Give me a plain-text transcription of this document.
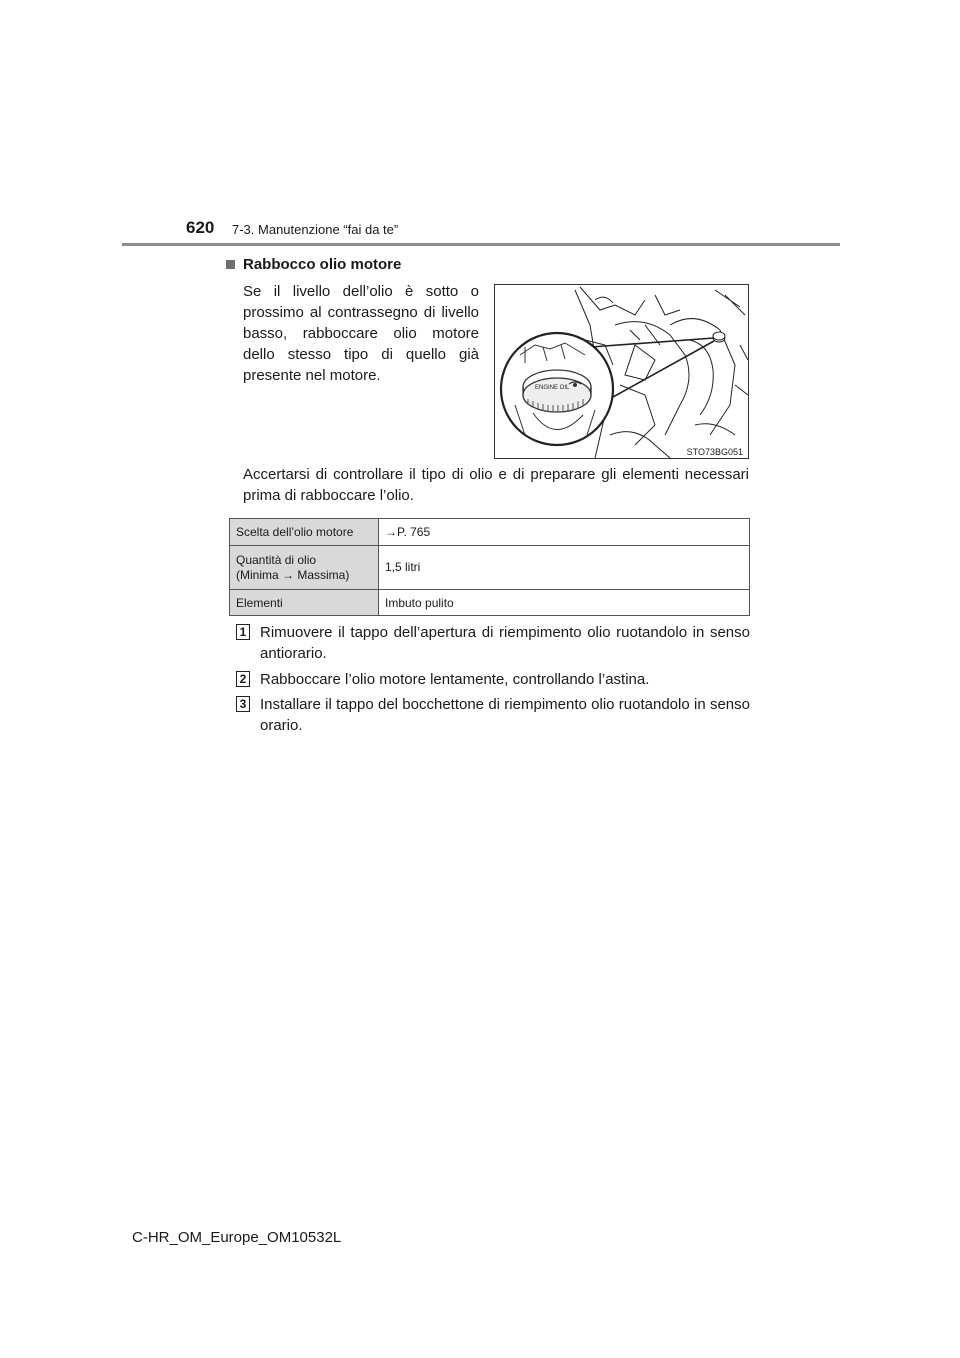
620 7-3. Manutenzione “fai da te”
Rabbocco olio motore
Se il livello dell’olio è sotto o prossimo al contrassegno di livello basso, rabboccare olio motore dello stesso tipo di quello già presente nel motore.
ENGINE OIL
STO73BG051
Accertarsi di controllare il tipo di olio e di preparare gli elementi necessari prima di rabboccare l’olio.
Scelta dell’olio motore	→P. 765

Quantità di olio
(Minima → Massima)	1,5 litri

Elementi	Imbuto pulito
1 Rimuovere il tappo dell’apertura di riempimento olio ruotandolo in senso antiorario.
2 Rabboccare l’olio motore lentamente, controllando l’astina.
3 Installare il tappo del bocchettone di riempimento olio ruotandolo in senso orario.
C-HR_OM_Europe_OM10532L
